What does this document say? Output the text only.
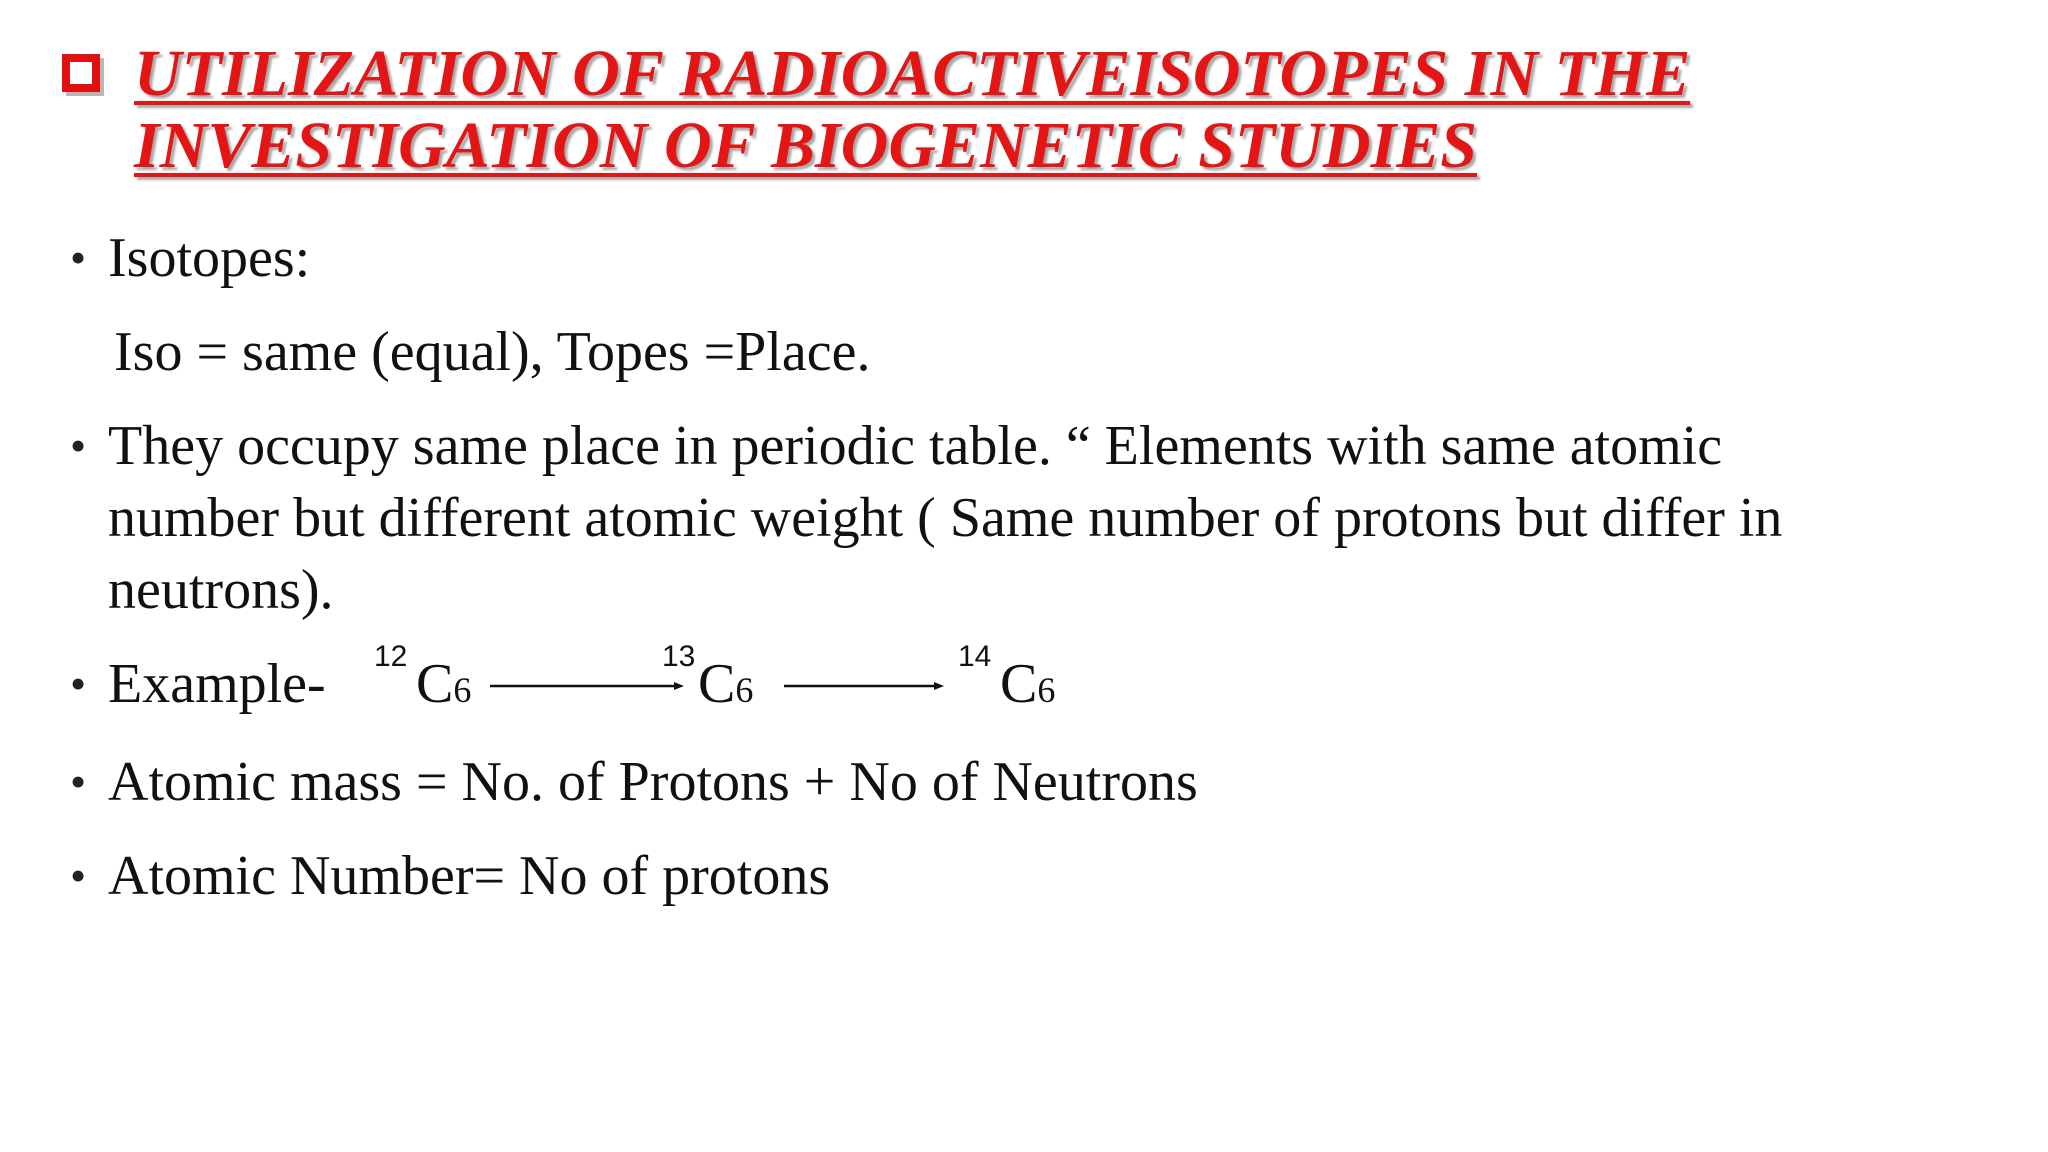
UTILIZATION OF RADIOACTIVEISOTOPES IN THE

INVESTIGATION OF BIOGENETIC STUDIES

• Isotopes:

Iso = same (equal), Topes =Place.

• They occupy same place in periodic table. “ Elements with same atomic

number but different atomic weight ( Same number of protons but differ in

neutrons).

• Example- 12 C6
13 C6
14 C6

• Atomic mass = No. of Protons + No of Neutrons

• Atomic Number= No of protons
